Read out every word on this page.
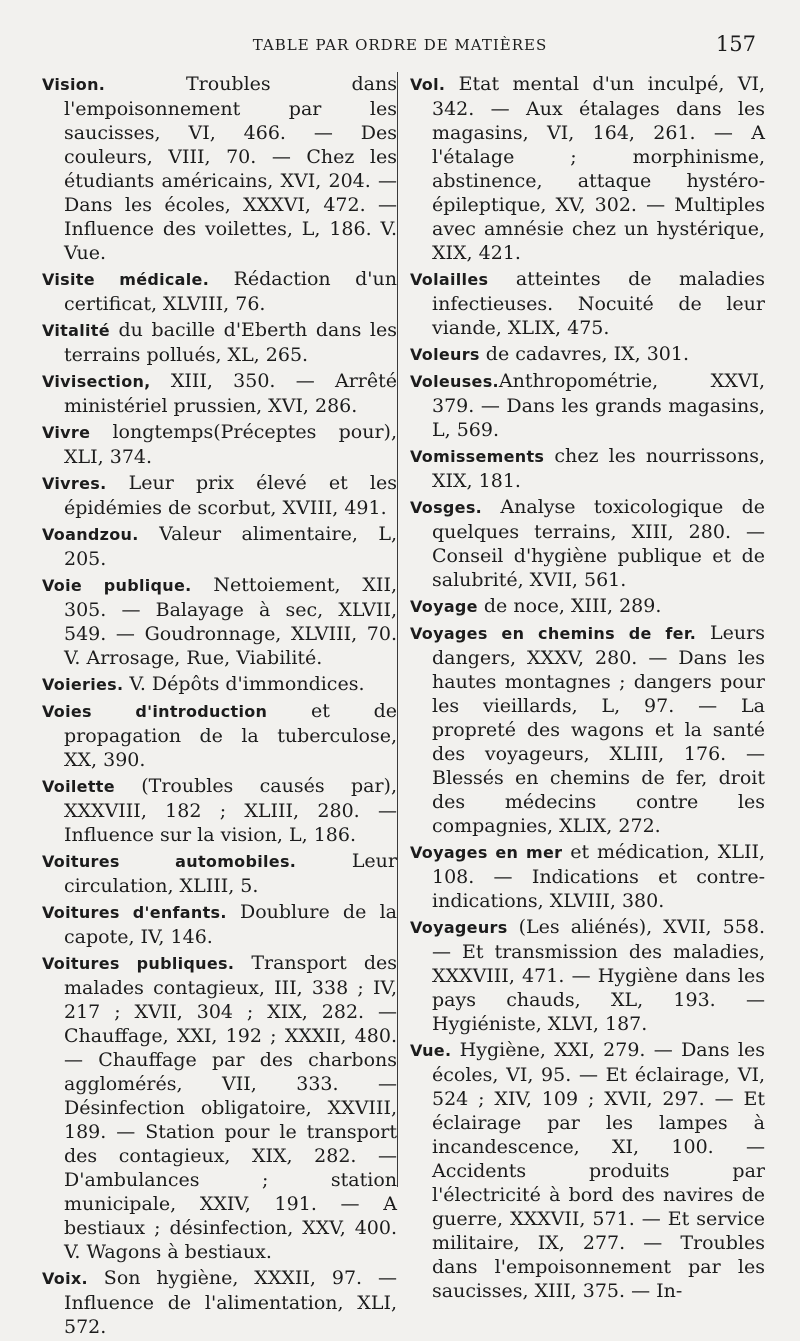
TABLE PAR ORDRE DE MATIÈRES	157

Vision. Troubles dans l'empoisonnement par les saucisses, VI, 466. — Des couleurs, VIII, 70. — Chez les étudiants américains, XVI, 204. — Dans les écoles, XXXVI, 472. — Influence des voilettes, L, 186. V. Vue.

Visite médicale. Rédaction d'un certificat, XLVIII, 76.

Vitalité du bacille d'Eberth dans les terrains pollués, XL, 265.

Vivisection, XIII, 350. — Arrêté ministériel prussien, XVI, 286.

Vivre longtemps(Préceptes pour), XLI, 374.

Vivres. Leur prix élevé et les épidémies de scorbut, XVIII, 491.

Voandzou. Valeur alimentaire, L, 205.

Voie publique. Nettoiement, XII, 305. — Balayage à sec, XLVII, 549. — Goudronnage, XLVIII, 70. V. Arrosage, Rue, Viabilité.

Voieries. V. Dépôts d'immondices.

Voies d'introduction et de propagation de la tuberculose, XX, 390.

Voilette (Troubles causés par), XXXVIII, 182 ; XLIII, 280. — Influence sur la vision, L, 186.

Voitures automobiles. Leur circulation, XLIII, 5.

Voitures d'enfants. Doublure de la capote, IV, 146.

Voitures publiques. Transport des malades contagieux, III, 338 ; IV, 217 ; XVII, 304 ; XIX, 282. — Chauffage, XXI, 192 ; XXXII, 480. — Chauffage par des charbons agglomérés, VII, 333. — Désinfection obligatoire, XXVIII, 189. — Station pour le transport des contagieux, XIX, 282. — D'ambulances ; station municipale, XXIV, 191. — A bestiaux ; désinfection, XXV, 400. V. Wagons à bestiaux.

Voix. Son hygiène, XXXII, 97. — Influence de l'alimentation, XLI, 572.

Vol. Etat mental d'un inculpé, VI, 342. — Aux étalages dans les magasins, VI, 164, 261. — A l'étalage ; morphinisme, abstinence, attaque hystéro-épileptique, XV, 302. — Multiples avec amnésie chez un hystérique, XIX, 421.

Volailles atteintes de maladies infectieuses. Nocuité de leur viande, XLIX, 475.

Voleurs de cadavres, IX, 301.

Voleuses.Anthropométrie, XXVI, 379. — Dans les grands magasins, L, 569.

Vomissements chez les nourrissons, XIX, 181.

Vosges. Analyse toxicologique de quelques terrains, XIII, 280. — Conseil d'hygiène publique et de salubrité, XVII, 561.

Voyage de noce, XIII, 289.

Voyages en chemins de fer. Leurs dangers, XXXV, 280. — Dans les hautes montagnes ; dangers pour les vieillards, L, 97. — La propreté des wagons et la santé des voyageurs, XLIII, 176. — Blessés en chemins de fer, droit des médecins contre les compagnies, XLIX, 272.

Voyages en mer et médication, XLII, 108. — Indications et contre-indications, XLVIII, 380.

Voyageurs (Les aliénés), XVII, 558. — Et transmission des maladies, XXXVIII, 471. — Hygiène dans les pays chauds, XL, 193. — Hygiéniste, XLVI, 187.

Vue. Hygiène, XXI, 279. — Dans les écoles, VI, 95. — Et éclairage, VI, 524 ; XIV, 109 ; XVII, 297. — Et éclairage par les lampes à incandescence, XI, 100. — Accidents produits par l'électricité à bord des navires de guerre, XXXVII, 571. — Et service militaire, IX, 277. — Troubles dans l'empoisonnement par les saucisses, XIII, 375. — In-
